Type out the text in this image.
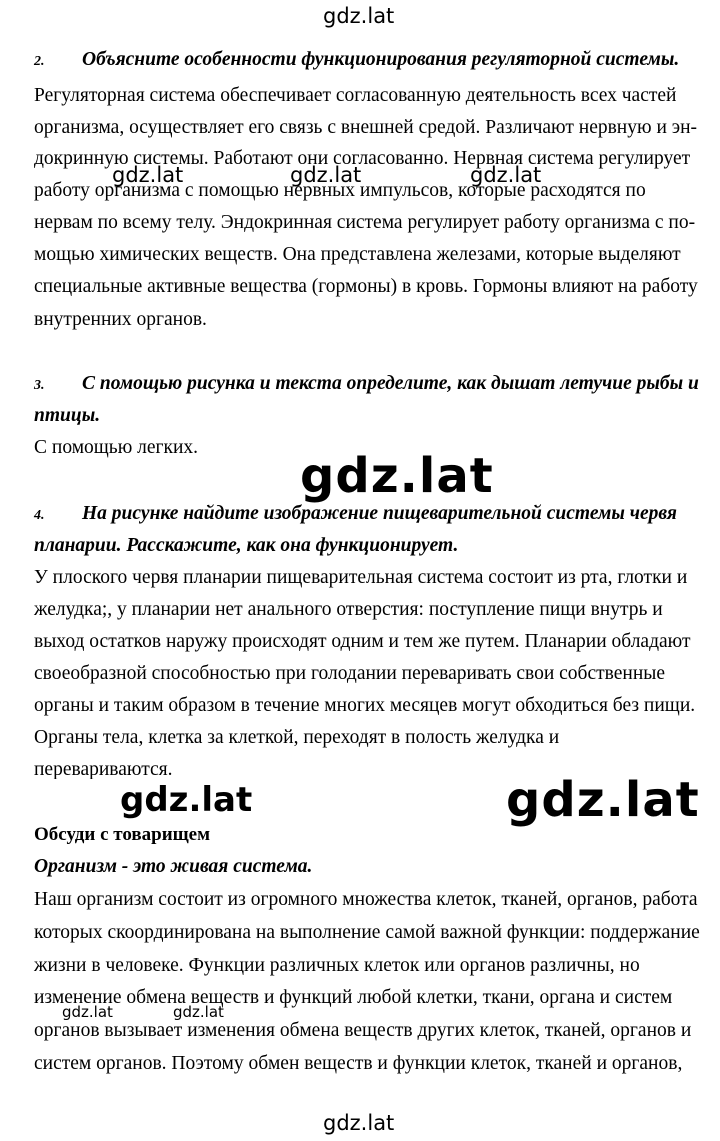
gdz.lat
gdz.lat	gdz.lat	gdz.lat
gdz.lat
gdz.lat	gdz.lat
gdz.lat	gdz.lat
gdz.lat
2. Объясните особенности функционирования регуляторной системы.
Регуляторная система обеспечивает согласованную деятельность всех частей
организма, осуществляет его связь с внешней средой. Различают нервную и эн-
докринную системы. Работают они согласованно. Нервная система регулирует
работу организма с помощью нервных импульсов, которые расходятся по
нервам по всему телу. Эндокринная система регулирует работу организма с по-
мощью химических веществ. Она представлена железами, которые выделяют
специальные активные вещества (гормоны) в кровь. Гормоны влияют на работу
внутренних органов.
3. С помощью рисунка и текста определите, как дышат летучие рыбы и
птицы.
С помощью легких.
4. На рисунке найдите изображение пищеварительной системы червя
планарии. Расскажите, как она функционирует.
У плоского червя планарии пищеварительная система состоит из рта, глотки и
желудка;, у планарии нет анального отверстия: поступление пищи внутрь и
выход остатков наружу происходят одним и тем же путем. Планарии обладают
своеобразной способностью при голодании переваривать свои собственные
органы и таким образом в течение многих месяцев могут обходиться без пищи.
Органы тела, клетка за клеткой, переходят в полость желудка и
перевариваются.
Обсуди с товарищем
Организм - это живая система.
Наш организм состоит из огромного множества клеток, тканей, органов, работа
которых скоординирована на выполнение самой важной функции: поддержание
жизни в человеке. Функции различных клеток или органов различны, но
изменение обмена веществ и функций любой клетки, ткани, органа и систем
органов вызывает изменения обмена веществ других клеток, тканей, органов и
систем органов. Поэтому обмен веществ и функции клеток, тканей и органов,
